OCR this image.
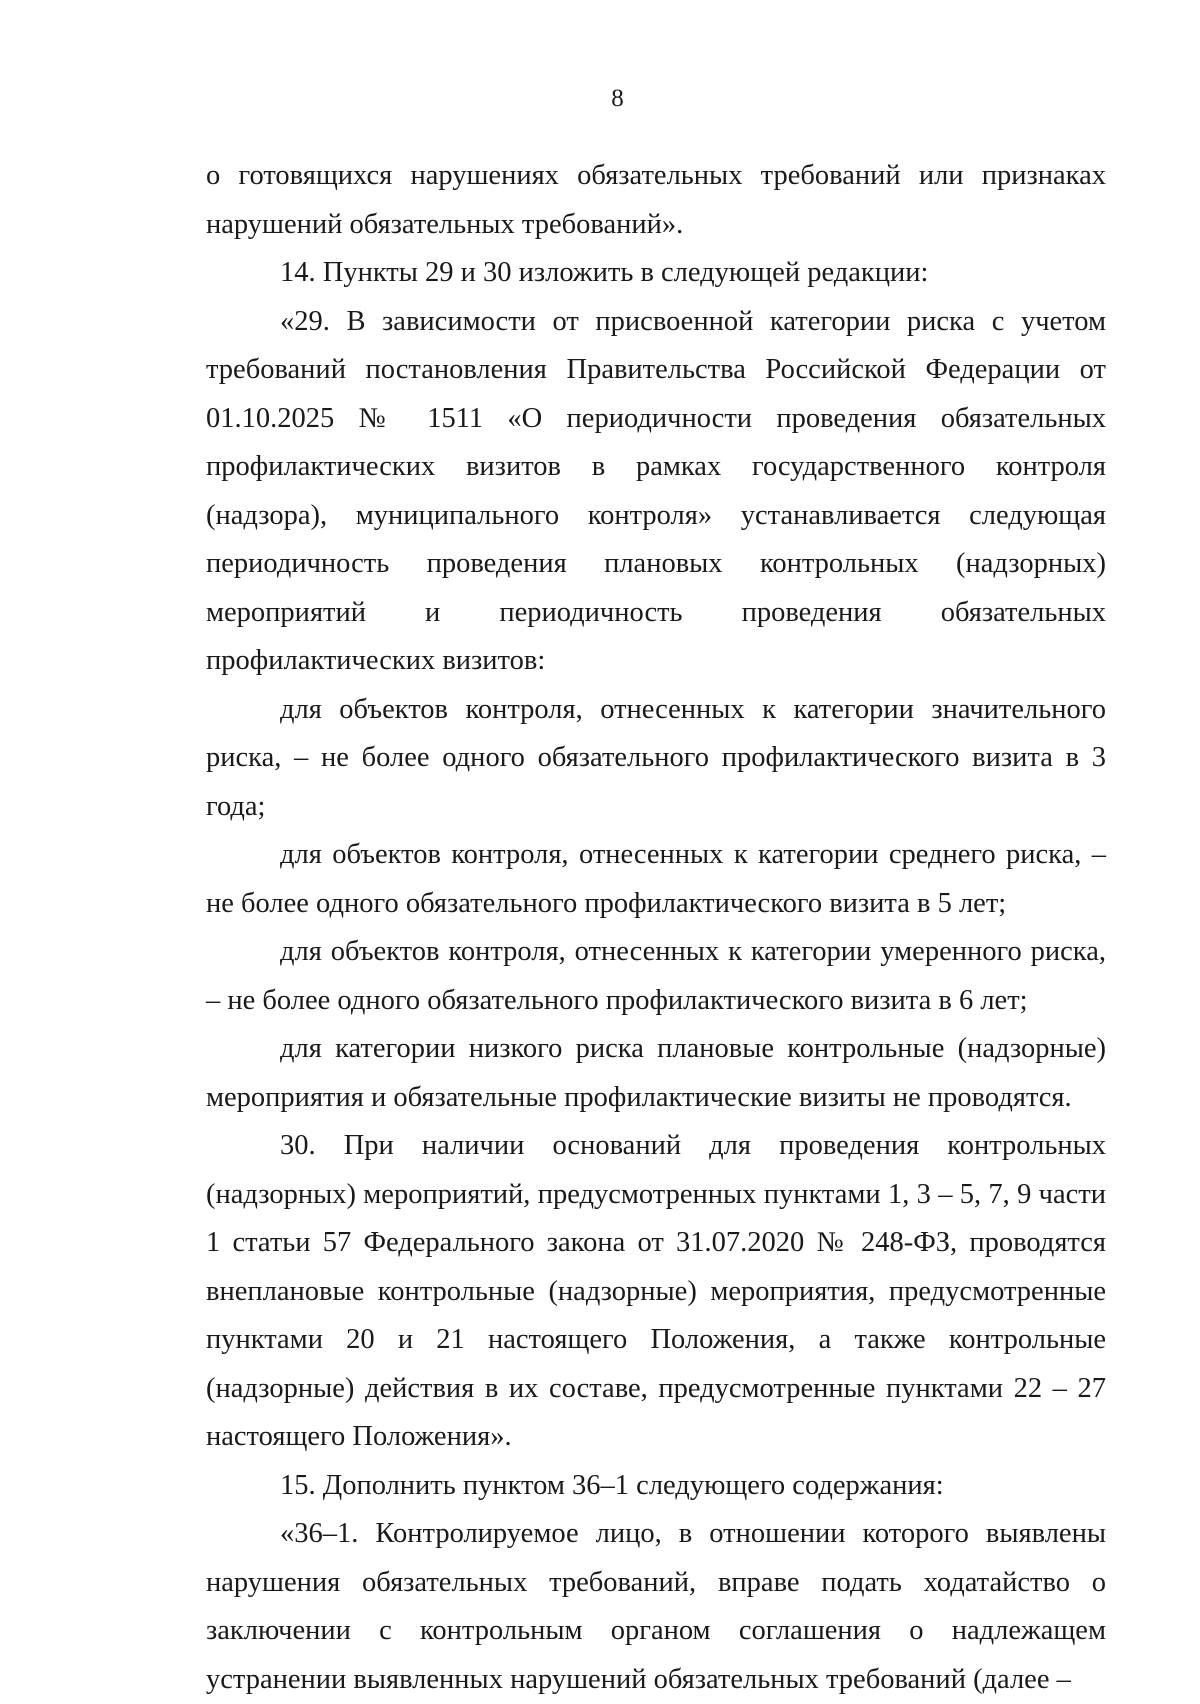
8

о готовящихся нарушениях обязательных требований или признаках нарушений обязательных требований».

14. Пункты 29 и 30 изложить в следующей редакции:

«29. В зависимости от присвоенной категории риска с учетом требований постановления Правительства Российской Федерации от 01.10.2025 № 1511 «О периодичности проведения обязательных профилактических визитов в рамках государственного контроля (надзора), муниципального контроля» устанавливается следующая периодичность проведения плановых контрольных (надзорных) мероприятий и периодичность проведения обязательных профилактических визитов:

для объектов контроля, отнесенных к категории значительного риска, – не более одного обязательного профилактического визита в 3 года;

для объектов контроля, отнесенных к категории среднего риска, – не более одного обязательного профилактического визита в 5 лет;

для объектов контроля, отнесенных к категории умеренного риска, – не более одного обязательного профилактического визита в 6 лет;

для категории низкого риска плановые контрольные (надзорные) мероприятия и обязательные профилактические визиты не проводятся.

30. При наличии оснований для проведения контрольных (надзорных) мероприятий, предусмотренных пунктами 1, 3 – 5, 7, 9 части 1 статьи 57 Федерального закона от 31.07.2020 № 248-ФЗ, проводятся внеплановые контрольные (надзорные) мероприятия, предусмотренные пунктами 20 и 21 настоящего Положения, а также контрольные (надзорные) действия в их составе, предусмотренные пунктами 22 – 27 настоящего Положения».

15. Дополнить пунктом 36–1 следующего содержания:

«36–1. Контролируемое лицо, в отношении которого выявлены нарушения обязательных требований, вправе подать ходатайство о заключении с контрольным органом соглашения о надлежащем устранении выявленных нарушений обязательных требований (далее –
